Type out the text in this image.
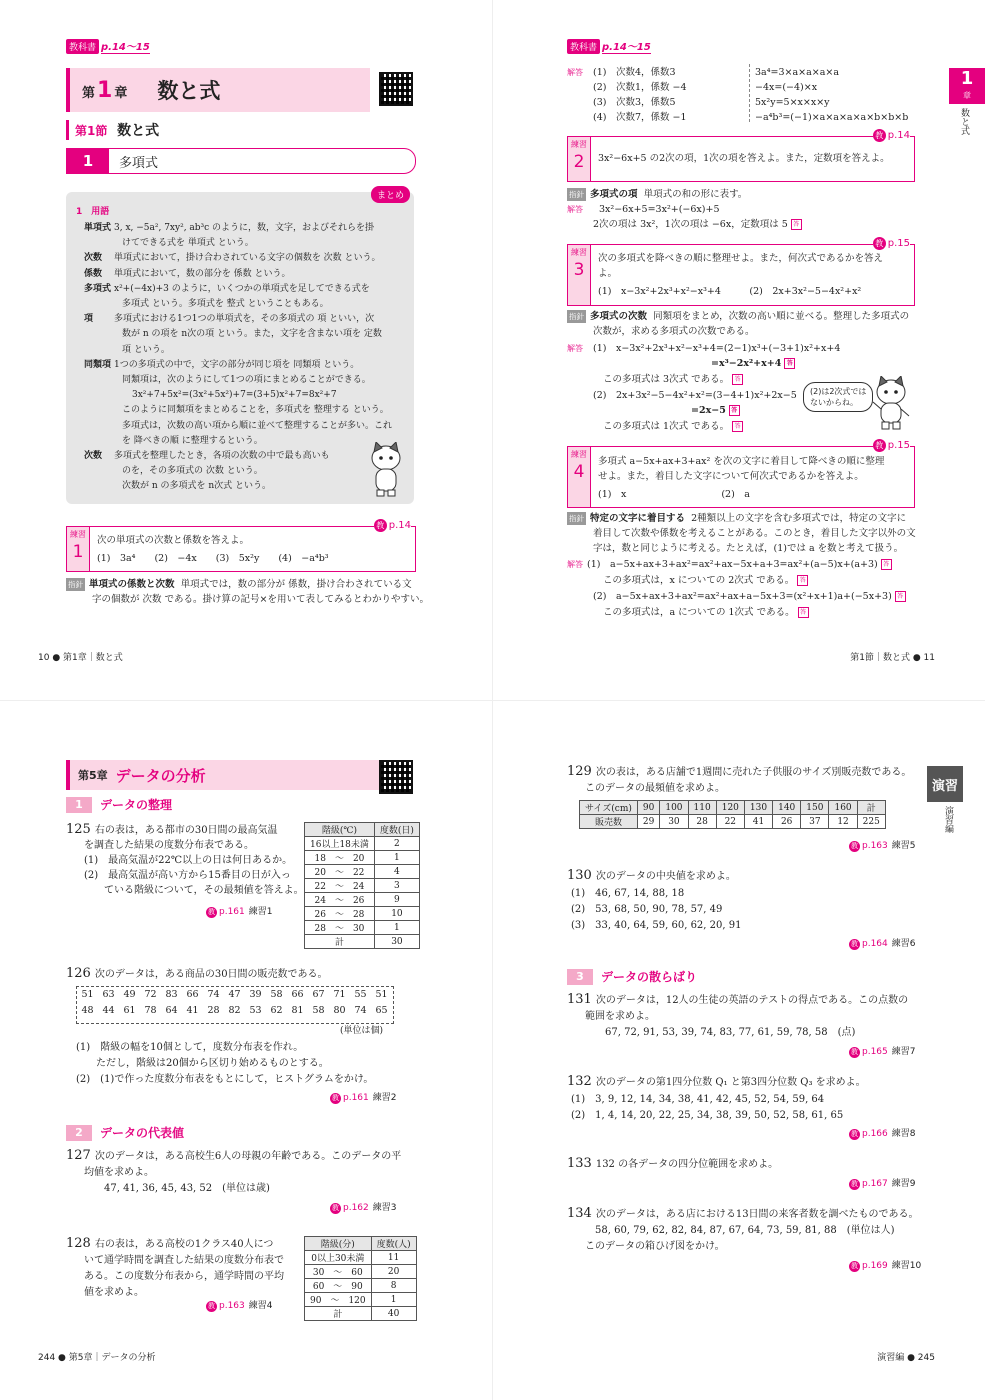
教科書 p.14〜15
第1 章 数と式
第1節 数と式
1	多項式
まとめ
1　用語
単項式 3, x, −5a², 7xy², ab³c のように，数，文字，およびそれらを掛
けてできる式を 単項式 という。
次数 単項式において，掛け合わされている文字の個数を 次数 という。
係数 単項式において，数の部分を 係数 という。
多項式 x²+(−4x)+3 のように，いくつかの単項式を足してできる式を
多項式 という。多項式を 整式 ということもある。
項 多項式における1つ1つの単項式を，その多項式の 項 といい，次
数が n の項を n次の項 という。また，文字を含まない項を 定数
項 という。
同類項 1つの多項式の中で，文字の部分が同じ項を 同類項 という。
同類項は，次のようにして1つの項にまとめることができる。
3x²+7+5x²=(3x²+5x²)+7=(3+5)x²+7=8x²+7
このように同類項をまとめることを，多項式を 整理する という。
多項式は，次数の高い項から順に並べて整理することが多い。これ
を 降べきの順 に整理するという。
次数 多項式を整理したとき，各項の次数の中で最も高いも
のを，その多項式の 次数 という。
次数が n の多項式を n次式 という。
練習
1
教 p.14
次の単項式の次数と係数を答えよ。
(1)　3a⁴　　(2)　−4x　　(3)　5x²y　　(4)　−a⁴b³
指針 単項式の係数と次数 単項式では，数の部分が 係数，掛け合わされている文
字の個数が 次数 である。掛け算の記号×を用いて表してみるとわかりやすい。
10 ● 第1章｜数と式
教科書 p.14〜15
1
章
数と式
解答	(1)　次数4，係数3
(2)　次数1，係数 −4
(3)　次数3，係数5
(4)　次数7，係数 −1
3a⁴=3×a×a×a×a
−4x=(−4)×x
5x²y=5×x×x×y
−a⁴b³=(−1)×a×a×a×a×b×b×b
練習
2
教 p.14
3x²−6x+5 の2次の項，1次の項を答えよ。また，定数項を答えよ。
指針 多項式の項 単項式の和の形に表す。
解答 3x²−6x+5=3x²+(−6x)+5
2次の項は 3x²，1次の項は −6x，定数項は 5 答
練習
3
教 p.15
次の多項式を降べきの順に整理せよ。また，何次式であるかを答え
よ。
(1)　x−3x²+2x³+x²−x³+4　　　(2)　2x+3x²−5−4x²+x²
指針 多項式の次数 同類項をまとめ，次数の高い順に並べる。整理した多項式の
次数が，求める多項式の次数である。
解答	(1)　x−3x²+2x³+x²−x³+4=(2−1)x³+(−3+1)x²+x+4
=x³−2x²+x+4 答
この多項式は 3次式 である。 答
(2)　2x+3x²−5−4x²+x²=(3−4+1)x²+2x−5
=2x−5 答
この多項式は 1次式 である。 答
(2)は2次式では
ないからね。
練習
4
教 p.15
多項式 a−5x+ax+3+ax² を次の文字に着目して降べきの順に整理
せよ。また，着目した文字について何次式であるかを答えよ。
(1)　x　　　　　　　　　　(2)　a
指針 特定の文字に着目する 2種類以上の文字を含む多項式では，特定の文字に
着目して次数や係数を考えることがある。このとき，着目した文字以外の文
字は，数と同じように考える。たとえば，(1)では a を数と考えて扱う。
解答 (1)　a−5x+ax+3+ax²=ax²+ax−5x+a+3=ax²+(a−5)x+(a+3) 答
この多項式は，x についての 2次式 である。 答
(2)　a−5x+ax+3+ax²=ax²+ax+a−5x+3=(x²+x+1)a+(−5x+3) 答
この多項式は，a についての 1次式 である。 答
第1節｜数と式 ● 11
第5章 データの分析
1	データの整理
125 右の表は，ある都市の30日間の最高気温
を調査した結果の度数分布表である。
(1)　最高気温が22℃以上の日は何日あるか。
(2)　最高気温が高い方から15番目の日が入っ
　　ている階級について，その最頻値を答えよ。
階級(℃)	度数(日)
16以上18未満	2
18　～　20	1
20　～　22	4
22　～　24	3
24　～　26	9
26　～　28	10
28　～　30	1
計	30
教 p.161 練習1
126 次のデータは，ある商品の30日間の販売数である。
51 63 49 72 83 66 74 47 39 58 66 67 71 55 51
48 44 61 78 64 41 28 82 53 62 81 58 80 74 65
(単位は個)
(1)　階級の幅を10個として，度数分布表を作れ。
　　ただし，階級は20個から区切り始めるものとする。
(2)　(1)で作った度数分布表をもとにして，ヒストグラムをかけ。
教 p.161 練習2
2	データの代表値
127 次のデータは，ある高校生6人の母親の年齢である。このデータの平
均値を求めよ。
　　47, 41, 36, 45, 43, 52　(単位は歳)
教 p.162 練習3
128 右の表は，ある高校の1クラス40人につ
いて通学時間を調査した結果の度数分布表で
ある。この度数分布表から，通学時間の平均
値を求めよ。
階級(分)	度数(人)
0以上30未満	11
30　～　60	20
60　～　90	8
90　～　120	1
計	40
教 p.163 練習4
244 ● 第5章｜データの分析
演習
演習編
129 次の表は，ある店舗で1週間に売れた子供服のサイズ別販売数である。
このデータの最頻値を求めよ。
サイズ(cm)	90	100	110	120	130	140	150	160	計
販売数	29	30	28	22	41	26	37	12	225
教 p.163 練習5
130 次のデータの中央値を求めよ。
(1)　46, 67, 14, 88, 18
(2)　53, 68, 50, 90, 78, 57, 49
(3)　33, 40, 64, 59, 60, 62, 20, 91
教 p.164 練習6
3	データの散らばり
131 次のデータは，12人の生徒の英語のテストの得点である。この点数の
範囲を求めよ。
　　67, 72, 91, 53, 39, 74, 83, 77, 61, 59, 78, 58　(点)
教 p.165 練習7
132 次のデータの第1四分位数 Q₁ と第3四分位数 Q₃ を求めよ。
(1)　3, 9, 12, 14, 34, 38, 41, 42, 45, 52, 54, 59, 64
(2)　1, 4, 14, 20, 22, 25, 34, 38, 39, 50, 52, 58, 61, 65
教 p.166 練習8
133 132 の各データの四分位範囲を求めよ。
教 p.167 練習9
134 次のデータは，ある店における13日間の来客者数を調べたものである。
　58, 60, 79, 62, 82, 84, 87, 67, 64, 73, 59, 81, 88　(単位は人)
このデータの箱ひげ図をかけ。
教 p.169 練習10
演習編 ● 245
